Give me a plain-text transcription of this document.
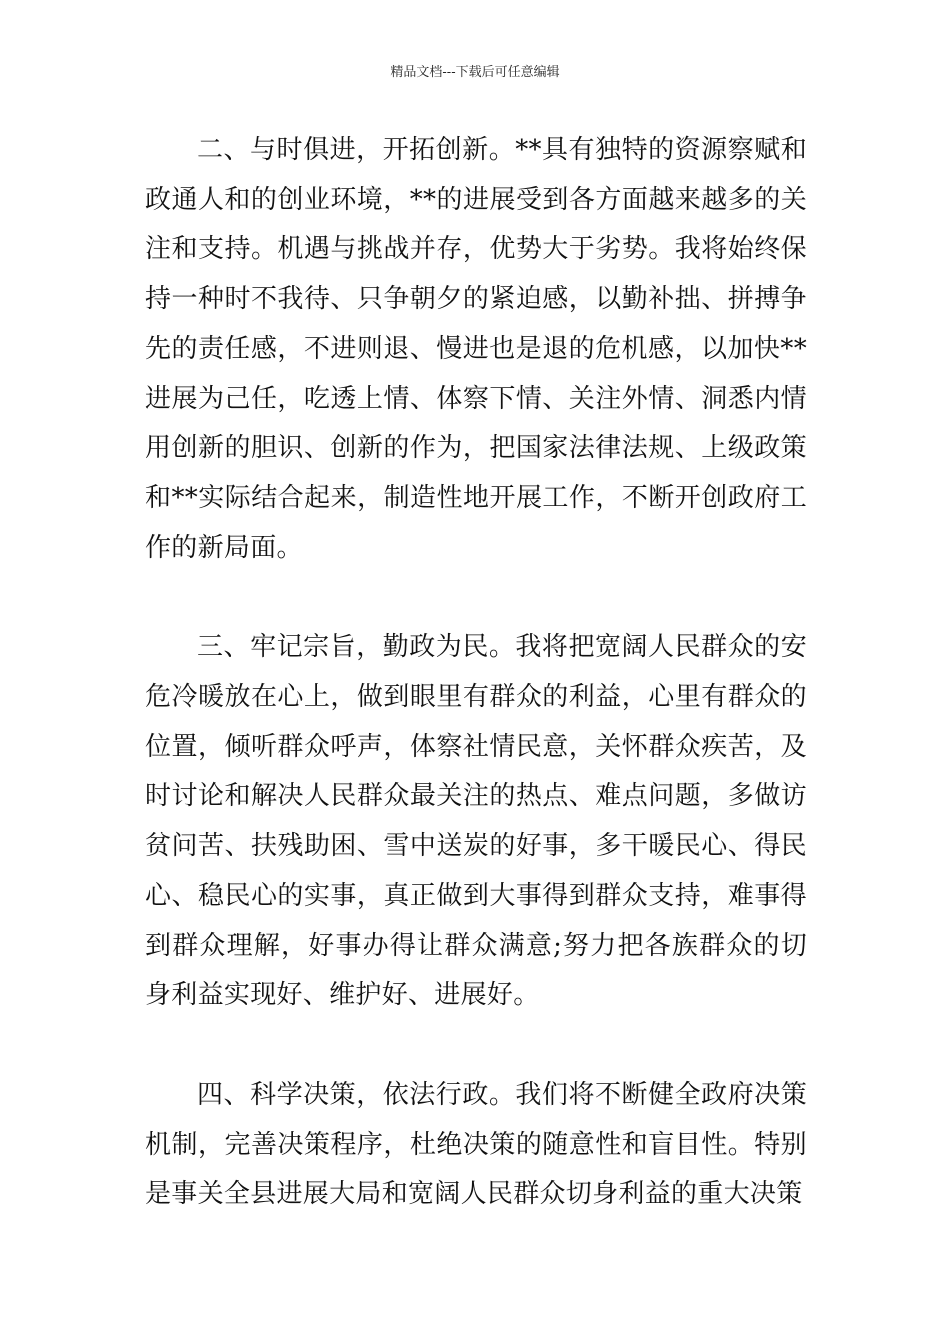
精品文档---下载后可任意编辑

二、与时俱进，开拓创新。**具有独特的资源察赋和政通人和的创业环境，**的进展受到各方面越来越多的关注和支持。机遇与挑战并存，优势大于劣势。我将始终保持一种时不我待、只争朝夕的紧迫感，以勤补拙、拼搏争先的责任感，不进则退、慢进也是退的危机感，以加快**进展为己任，吃透上情、体察下情、关注外情、洞悉内情用创新的胆识、创新的作为，把国家法律法规、上级政策和**实际结合起来，制造性地开展工作，不断开创政府工作的新局面。

三、牢记宗旨，勤政为民。我将把宽阔人民群众的安危冷暖放在心上，做到眼里有群众的利益，心里有群众的位置，倾听群众呼声，体察社情民意，关怀群众疾苦，及时讨论和解决人民群众最关注的热点、难点问题，多做访贫问苦、扶残助困、雪中送炭的好事，多干暖民心、得民心、稳民心的实事，真正做到大事得到群众支持，难事得到群众理解，好事办得让群众满意;努力把各族群众的切身利益实现好、维护好、进展好。

四、科学决策，依法行政。我们将不断健全政府决策机制，完善决策程序，杜绝决策的随意性和盲目性。特别是事关全县进展大局和宽阔人民群众切身利益的重大决策
